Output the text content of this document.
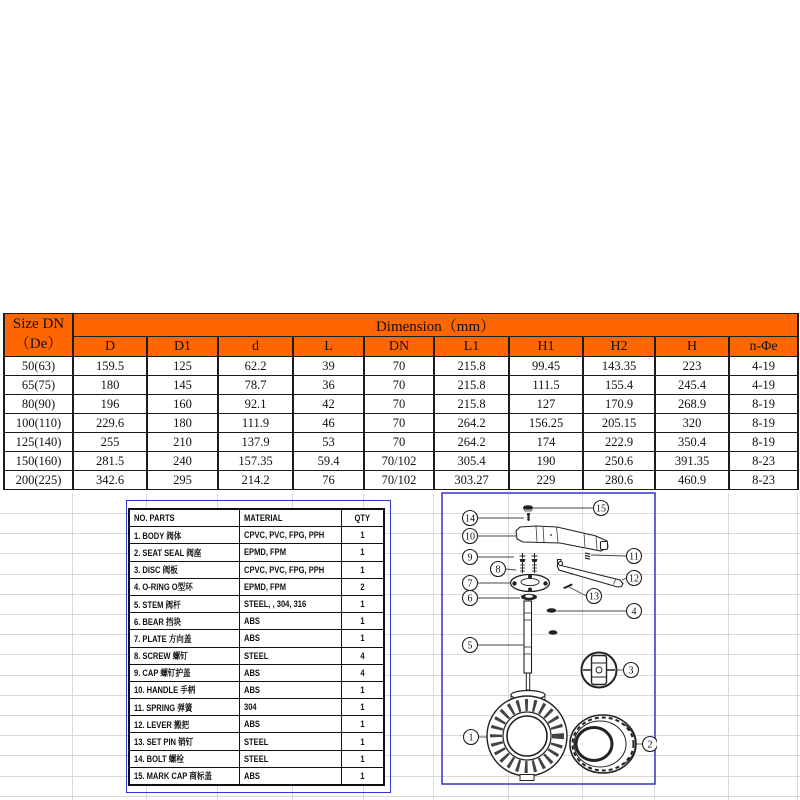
Size DN
（De）	Dimension（mm）									
	D	D1	d	L	DN	L1	H1	H2	H	n-Φe
50(63)	159.5	125	62.2	39	70	215.8	99.45	143.35	223	4-19
65(75)	180	145	78.7	36	70	215.8	111.5	155.4	245.4	4-19
80(90)	196	160	92.1	42	70	215.8	127	170.9	268.9	8-19
100(110)	229.6	180	111.9	46	70	264.2	156.25	205.15	320	8-19
125(140)	255	210	137.9	53	70	264.2	174	222.9	350.4	8-19
150(160)	281.5	240	157.35	59.4	70/102	305.4	190	250.6	391.35	8-23
200(225)	342.6	295	214.2	76	70/102	303.27	229	280.6	460.9	8-23
NO. PARTS	MATERIAL	QTY
1. BODY 阀体	CPVC, PVC, FPG, PPH	1
2. SEAT SEAL 阀座	EPMD, FPM	1
3. DISC 阀板	CPVC, PVC, FPG, PPH	1
4. O-RING O型环	EPMD, FPM	2
5. STEM 阀杆	STEEL, , 304, 316	1
6. BEAR 挡块	ABS	1
7. PLATE 方向盖	ABS	1
8. SCREW 螺钉	STEEL	4
9. CAP 螺钉护盖	ABS	4
10. HANDLE 手柄	ABS	1
11. SPRING 弹簧	304	1
12. LEVER 搬把	ABS	1
13. SET PIN 销钉	STEEL	1
14. BOLT 螺栓	STEEL	1
15. MARK CAP 商标盖	ABS	1
15
14
10
9
8
11
12
7
13
6
4
5
3
1
2
